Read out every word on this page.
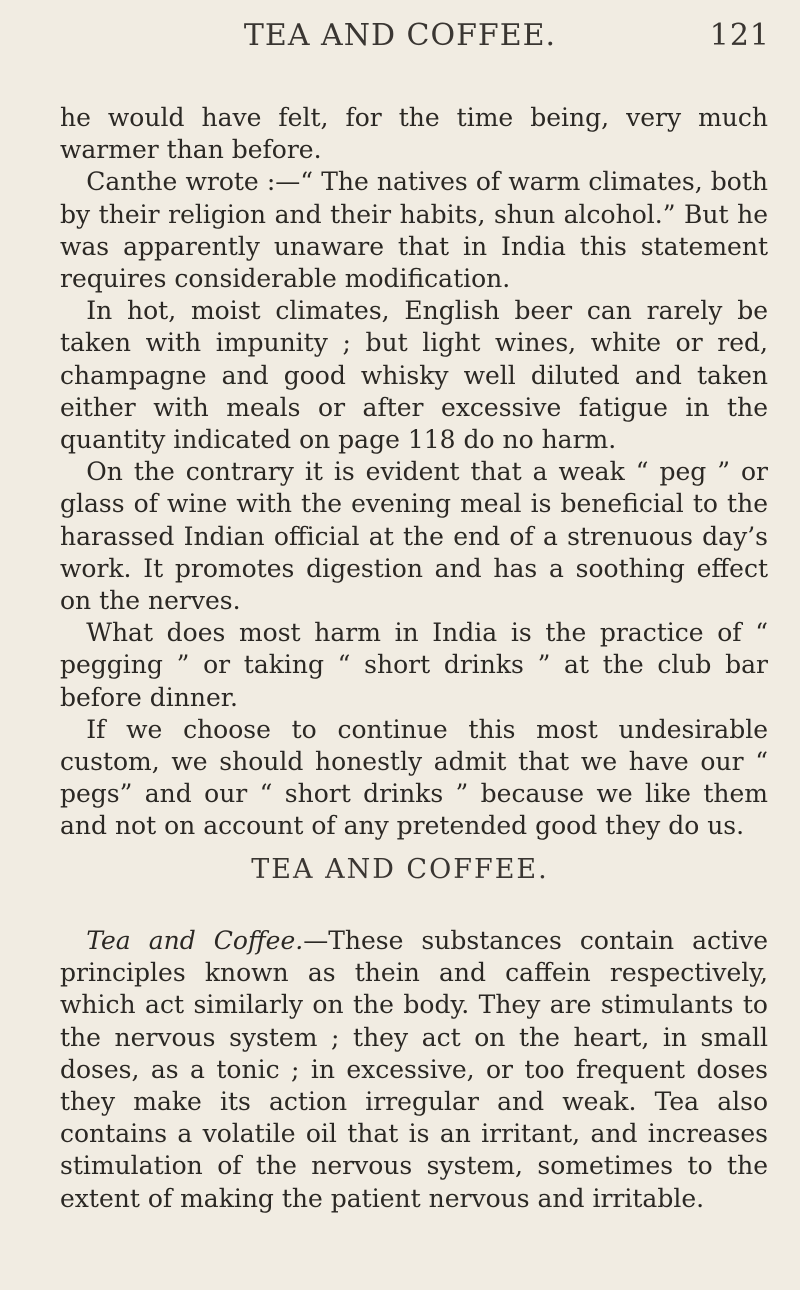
TEA AND COFFEE.	121

he would have felt, for the time being, very much warmer than before.

Canthe wrote :—“ The natives of warm climates, both by their religion and their habits, shun alcohol.” But he was apparently unaware that in India this statement requires considerable modification.

In hot, moist climates, English beer can rarely be taken with impunity ; but light wines, white or red, champagne and good whisky well diluted and taken either with meals or after excessive fatigue in the quantity indicated on page 118 do no harm.

On the contrary it is evident that a weak “ peg ” or glass of wine with the evening meal is beneficial to the harassed Indian official at the end of a strenuous day’s work. It promotes digestion and has a soothing effect on the nerves.

What does most harm in India is the practice of “ pegging ” or taking “ short drinks ” at the club bar before dinner.

If we choose to continue this most undesirable custom, we should honestly admit that we have our “ pegs” and our “ short drinks ” because we like them and not on account of any pretended good they do us.

TEA AND COFFEE.

Tea and Coffee.—These substances contain active principles known as thein and caffein respectively, which act similarly on the body. They are stimulants to the nervous system ; they act on the heart, in small doses, as a tonic ; in excessive, or too frequent doses they make its action irregular and weak. Tea also contains a volatile oil that is an irritant, and increases stimulation of the nervous system, sometimes to the extent of making the patient nervous and irritable.
